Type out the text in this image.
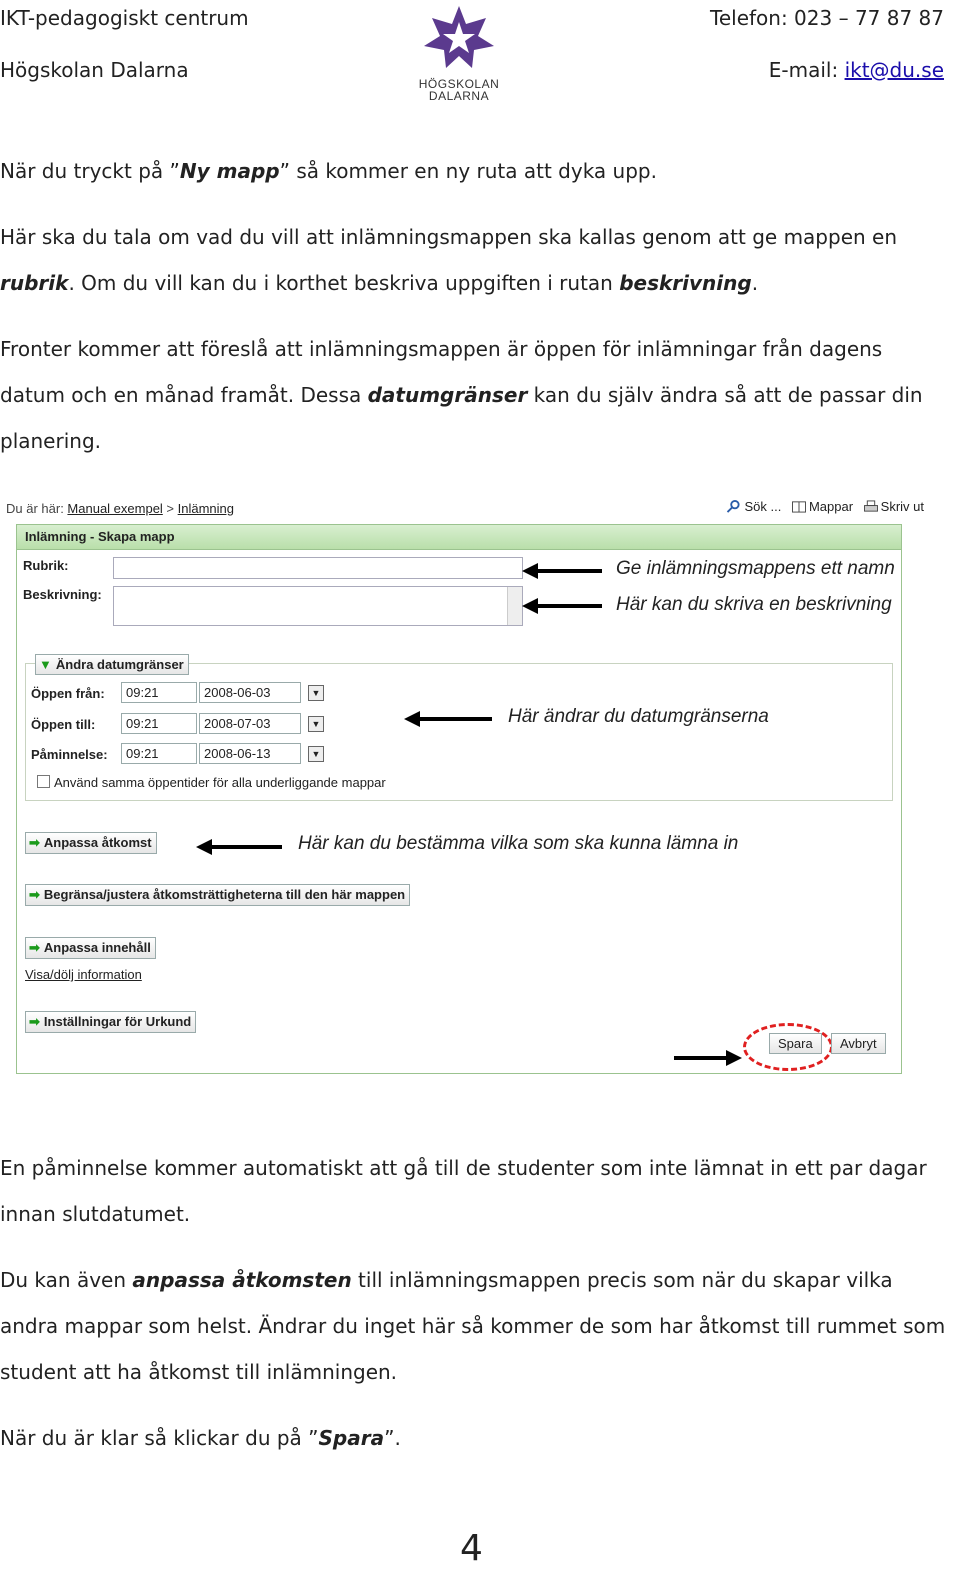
IKT-pedagogiskt centrum
Högskolan Dalarna
Telefon: 023 – 77 87 87
E-mail: ikt@du.se
HÖGSKOLAN
DALARNA
När du tryckt på ”Ny mapp” så kommer en ny ruta att dyka upp.
Här ska du tala om vad du vill att inlämningsmappen ska kallas genom att ge mappen en rubrik. Om du vill kan du i korthet beskriva uppgiften i rutan beskrivning.
Fronter kommer att föreslå att inlämningsmappen är öppen för inlämningar från dagens datum och en månad framåt. Dessa datumgränser kan du själv ändra så att de passar din planering.
Du är här: Manual exempel > Inlämning	Sök ... Mappar Skriv ut
Inlämning - Skapa mapp
Rubrik:
Beskrivning:
▼ Ändra datumgränser
Öppen från:	09:21	2008-06-03	▼
Öppen till:	09:21	2008-07-03	▼
Påminnelse:	09:21	2008-06-13	▼
Använd samma öppentider för alla underliggande mappar
➡ Anpassa åtkomst
➡ Begränsa/justera åtkomsträttigheterna till den här mappen
➡ Anpassa innehåll
Visa/dölj information
➡ Inställningar för Urkund
Spara	Avbryt
Ge inlämningsmappens ett namn
Här kan du skriva en beskrivning
Här ändrar du datumgränserna
Här kan du bestämma vilka som ska kunna lämna in
En påminnelse kommer automatiskt att gå till de studenter som inte lämnat in ett par dagar innan slutdatumet.
Du kan även anpassa åtkomsten till inlämningsmappen precis som när du skapar vilka andra mappar som helst. Ändrar du inget här så kommer de som har åtkomst till rummet som student att ha åtkomst till inlämningen.
När du är klar så klickar du på ”Spara”.
4
